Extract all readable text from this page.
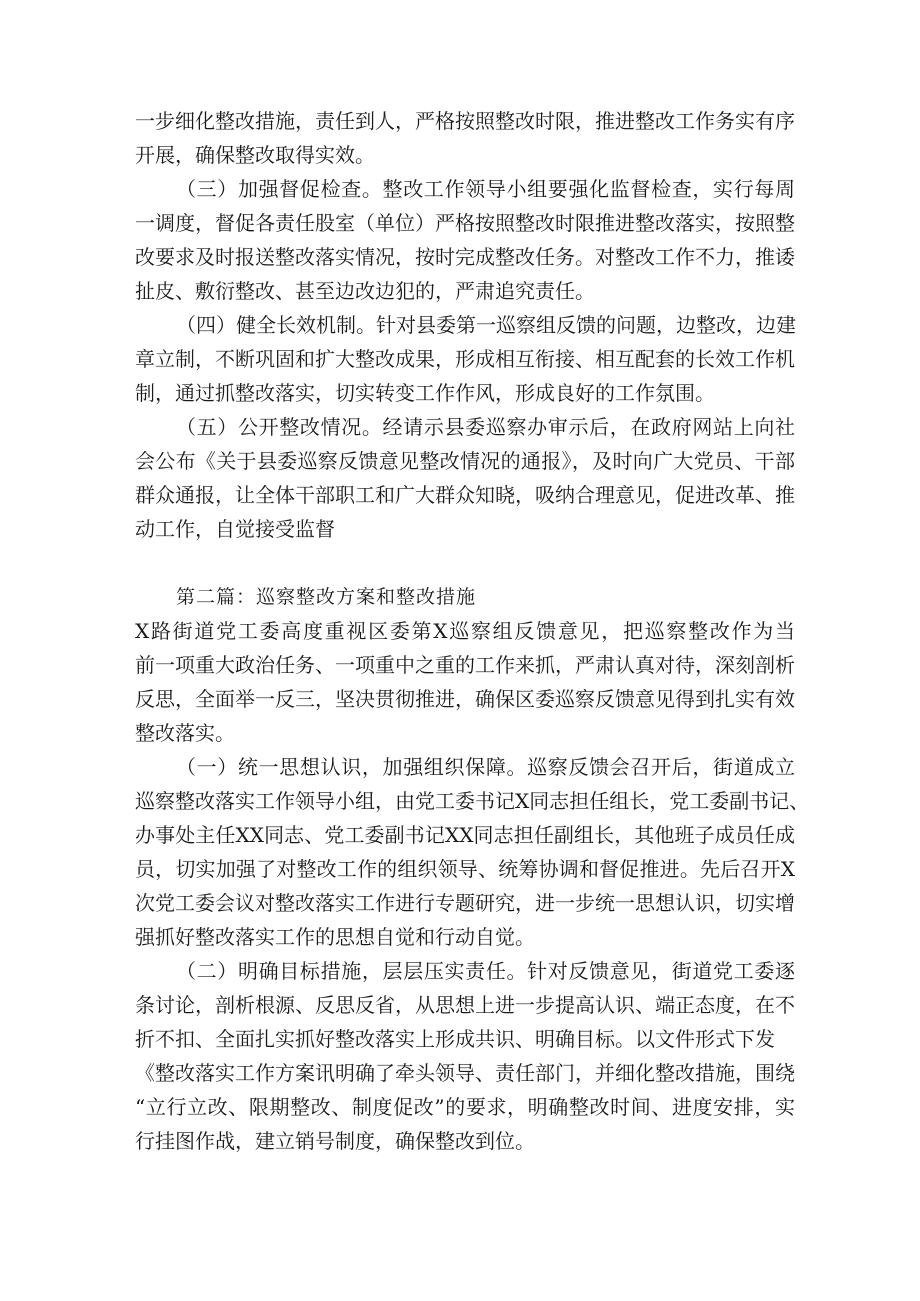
一步细化整改措施，责任到人，严格按照整改时限，推进整改工作务实有序
开展，确保整改取得实效。
（三）加强督促检查。整改工作领导小组要强化监督检查，实行每周
一调度，督促各责任股室（单位）严格按照整改时限推进整改落实，按照整
改要求及时报送整改落实情况，按时完成整改任务。对整改工作不力，推诿
扯皮、敷衍整改、甚至边改边犯的，严肃追究责任。
（四）健全长效机制。针对县委第一巡察组反馈的问题，边整改，边建
章立制，不断巩固和扩大整改成果，形成相互衔接、相互配套的长效工作机
制，通过抓整改落实，切实转变工作作风，形成良好的工作氛围。
（五）公开整改情况。经请示县委巡察办审示后，在政府网站上向社
会公布《关于县委巡察反馈意见整改情况的通报》，及时向广大党员、干部
群众通报，让全体干部职工和广大群众知晓，吸纳合理意见，促进改革、推
动工作，自觉接受监督
第二篇：巡察整改方案和整改措施
X路街道党工委高度重视区委第X巡察组反馈意见，把巡察整改作为当
前一项重大政治任务、一项重中之重的工作来抓，严肃认真对待，深刻剖析
反思，全面举一反三，坚决贯彻推进，确保区委巡察反馈意见得到扎实有效
整改落实。
（一）统一思想认识，加强组织保障。巡察反馈会召开后，街道成立
巡察整改落实工作领导小组，由党工委书记X同志担任组长，党工委副书记、
办事处主任XX同志、党工委副书记XX同志担任副组长，其他班子成员任成
员，切实加强了对整改工作的组织领导、统筹协调和督促推进。先后召开X
次党工委会议对整改落实工作进行专题研究，进一步统一思想认识，切实增
强抓好整改落实工作的思想自觉和行动自觉。
（二）明确目标措施，层层压实责任。针对反馈意见，街道党工委逐
条讨论，剖析根源、反思反省，从思想上进一步提高认识、端正态度，在不
折不扣、全面扎实抓好整改落实上形成共识、明确目标。以文件形式下发
《整改落实工作方案讯明确了牵头领导、责任部门，并细化整改措施，围绕
“立行立改、限期整改、制度促改”的要求，明确整改时间、进度安排，实
行挂图作战，建立销号制度，确保整改到位。
